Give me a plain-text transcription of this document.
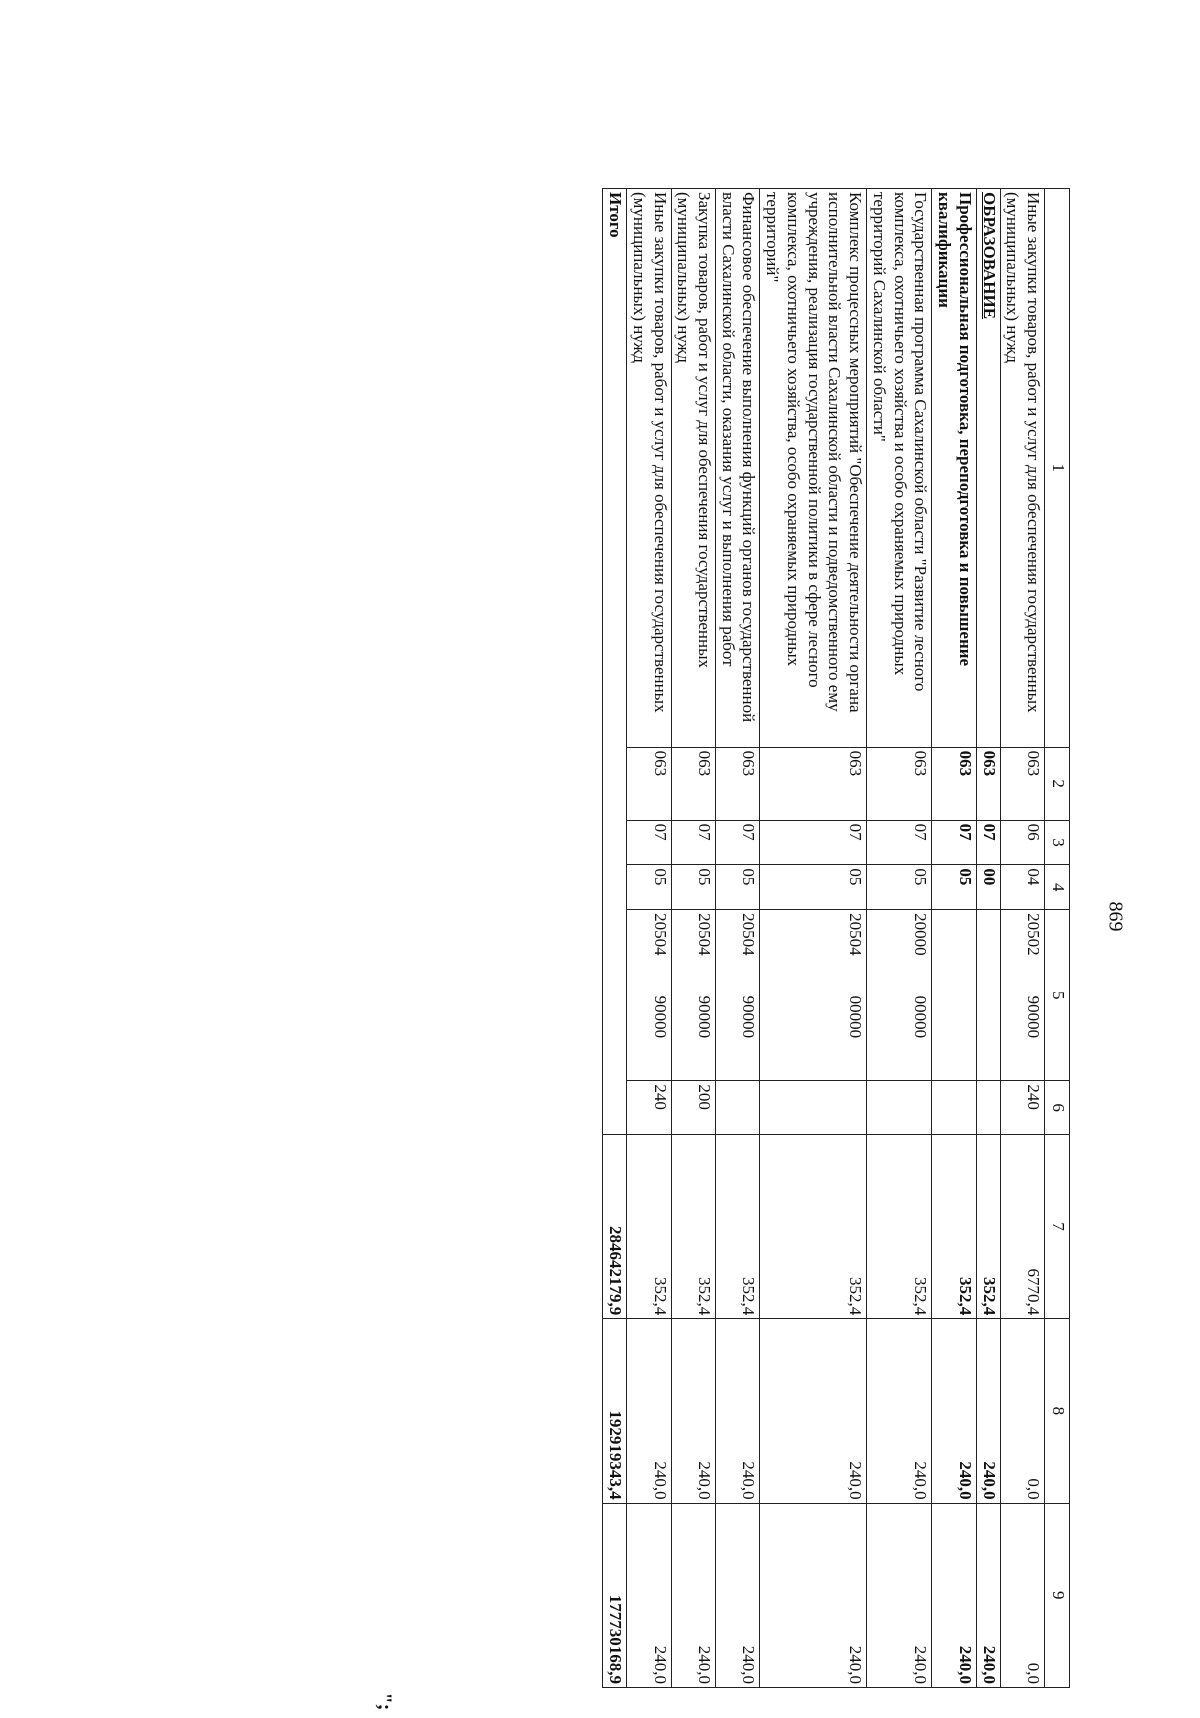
869
1	2	3	4	5	6	7	8	9
Иные закупки товаров, работ и услуг для обеспечения государственных (муниципальных) нужд	063	06	04	2050290000	240	6770,4	0,0	0,0
ОБРАЗОВАНИЕ	063	07	00			352,4	240,0	240,0
Профессиональная подготовка, переподготовка и повышение квалификации	063	07	05			352,4	240,0	240,0
Государственная программа Сахалинской области "Развитие лесного комплекса, охотничьего хозяйства и особо охраняемых природных территорий Сахалинской области"	063	07	05	2000000000		352,4	240,0	240,0
Комплекс процессных мероприятий "Обеспечение деятельности органа исполнительной власти Сахалинской области и подведомственного ему учреждения, реализация государственной политики в сфере лесного комплекса, охотничьего хозяйства, особо охраняемых природных территорий"	063	07	05	2050400000		352,4	240,0	240,0
Финансовое обеспечение выполнения функций органов государственной власти Сахалинской области, оказания услуг и выполнения работ	063	07	05	2050490000		352,4	240,0	240,0
Закупка товаров, работ и услуг для обеспечения государственных (муниципальных) нужд	063	07	05	2050490000	200	352,4	240,0	240,0
Иные закупки товаров, работ и услуг для обеспечения государственных (муниципальных) нужд	063	07	05	2050490000	240	352,4	240,0	240,0
Итого						284642179,9	192919343,4	177730168,9
";
